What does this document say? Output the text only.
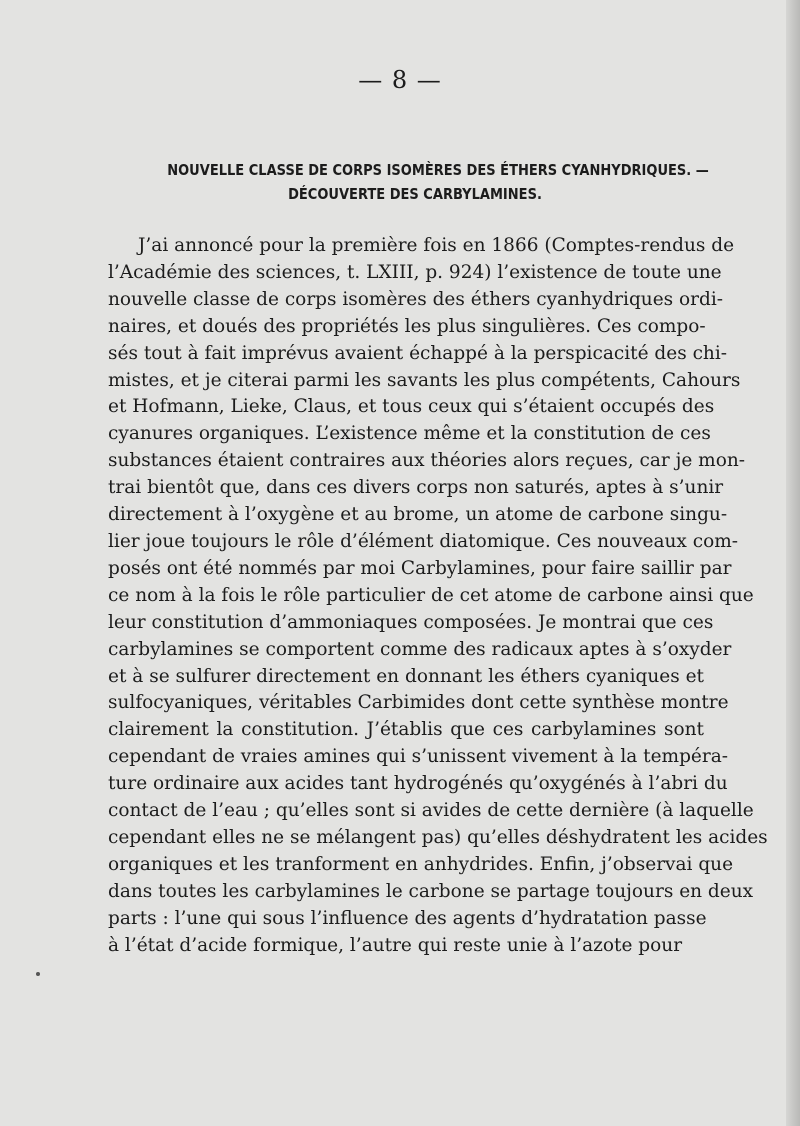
— 8 —
NOUVELLE CLASSE DE CORPS ISOMÈRES DES ÉTHERS CYANHYDRIQUES. —
DÉCOUVERTE DES CARBYLAMINES.
J’ai annoncé pour la première fois en 1866 (Comptes-rendus de
l’Académie des sciences, t. LXIII, p. 924) l’existence de toute une
nouvelle classe de corps isomères des éthers cyanhydriques ordi-
naires, et doués des propriétés les plus singulières. Ces compo-
sés tout à fait imprévus avaient échappé à la perspicacité des chi-
mistes, et je citerai parmi les savants les plus compétents, Cahours
et Hofmann, Lieke, Claus, et tous ceux qui s’étaient occupés des
cyanures organiques. L’existence même et la constitution de ces
substances étaient contraires aux théories alors reçues, car je mon-
trai bientôt que, dans ces divers corps non saturés, aptes à s’unir
directement à l’oxygène et au brome, un atome de carbone singu-
lier joue toujours le rôle d’élément diatomique. Ces nouveaux com-
posés ont été nommés par moi Carbylamines, pour faire saillir par
ce nom à la fois le rôle particulier de cet atome de carbone ainsi que
leur constitution d’ammoniaques composées. Je montrai que ces
carbylamines se comportent comme des radicaux aptes à s’oxyder
et à se sulfurer directement en donnant les éthers cyaniques et
sulfocyaniques, véritables Carbimides dont cette synthèse montre
clairement la constitution. J’établis que ces carbylamines sont
cependant de vraies amines qui s’unissent vivement à la tempéra-
ture ordinaire aux acides tant hydrogénés qu’oxygénés à l’abri du
contact de l’eau ; qu’elles sont si avides de cette dernière (à laquelle
cependant elles ne se mélangent pas) qu’elles déshydratent les acides
organiques et les tranforment en anhydrides. Enfin, j’observai que
dans toutes les carbylamines le carbone se partage toujours en deux
parts : l’une qui sous l’influence des agents d’hydratation passe
à l’état d’acide formique, l’autre qui reste unie à l’azote pour
